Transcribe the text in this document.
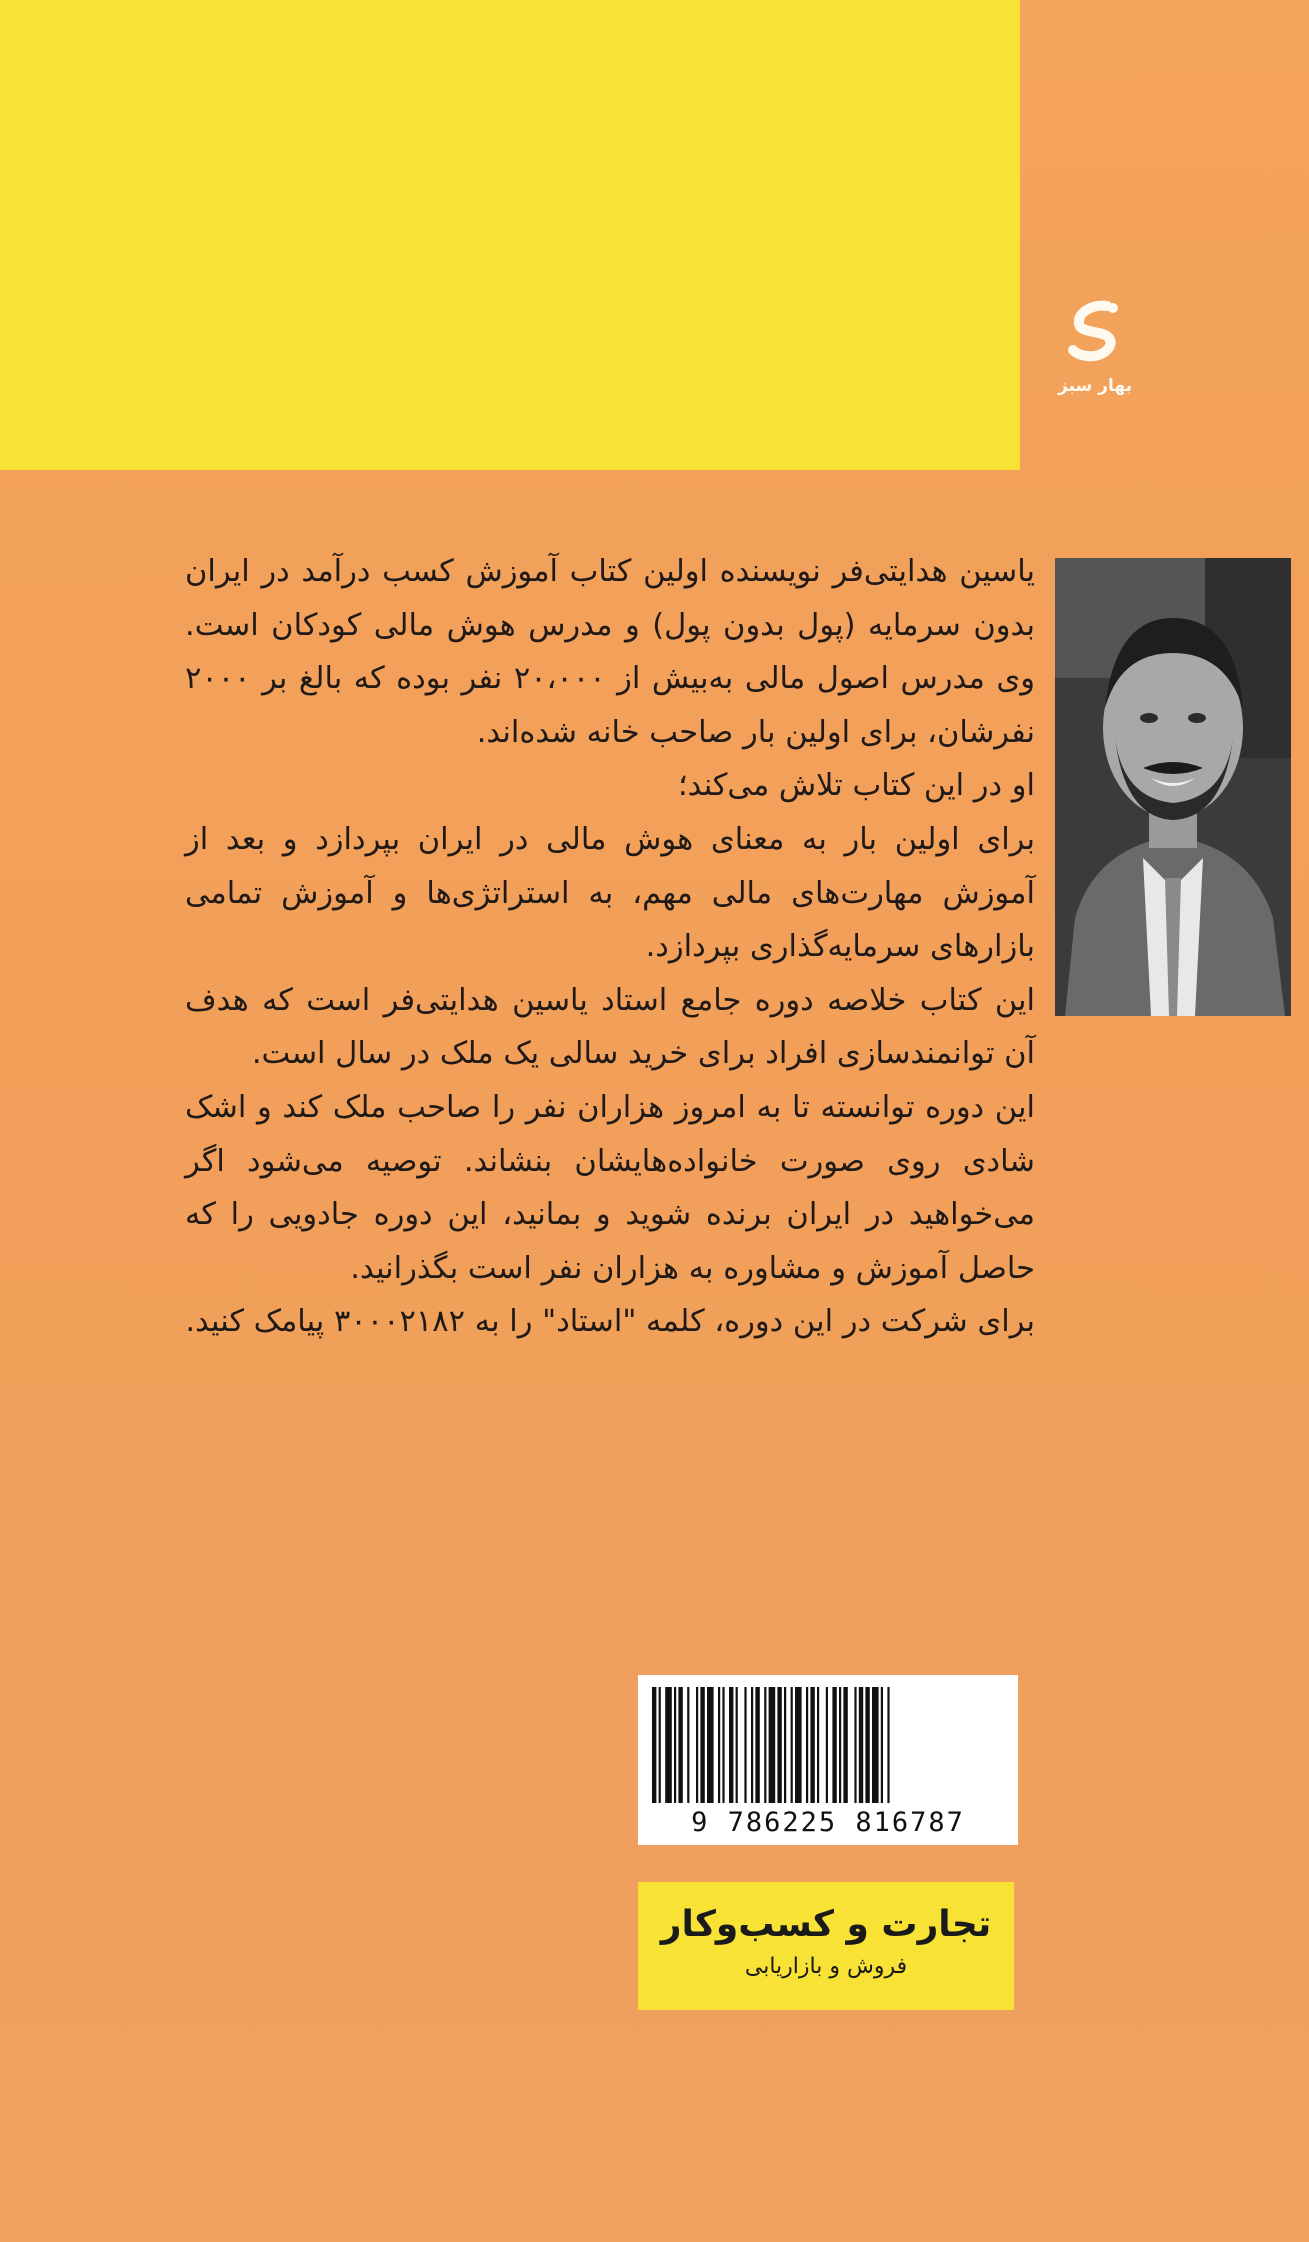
بهار سبز

یاسین هدایتی‌فر نویسنده اولین کتاب آموزش کسب درآمد در ایران بدون سرمایه (پول بدون پول) و مدرس هوش مالی کودکان است. وی مدرس اصول مالی به‌بیش از ۲۰،۰۰۰ نفر بوده که بالغ بر ۲۰۰۰ نفرشان، برای اولین بار صاحب خانه شده‌اند.

او در این کتاب تلاش می‌کند؛

برای اولین بار به معنای هوش مالی در ایران بپردازد و بعد از آموزش مهارت‌های مالی مهم، به استراتژی‌ها و آموزش تمامی بازارهای سرمایه‌گذاری بپردازد.

این کتاب خلاصه دوره جامع استاد یاسین هدایتی‌فر است که هدف آن توانمندسازی افراد برای خرید سالی یک ملک در سال است.

این دوره توانسته تا به امروز هزاران نفر را صاحب ملک کند و اشک شادی روی صورت خانواده‌هایشان بنشاند. توصیه می‌شود اگر می‌خواهید در ایران برنده شوید و بمانید، این دوره جادویی را که حاصل آموزش و مشاوره به هزاران نفر است بگذرانید.

برای شرکت در این دوره، کلمه "استاد" را به ۳۰۰۰۲۱۸۲ پیامک کنید.

9 786225 816787
تجارت و کسب‌وکار
فروش و بازاریابی
